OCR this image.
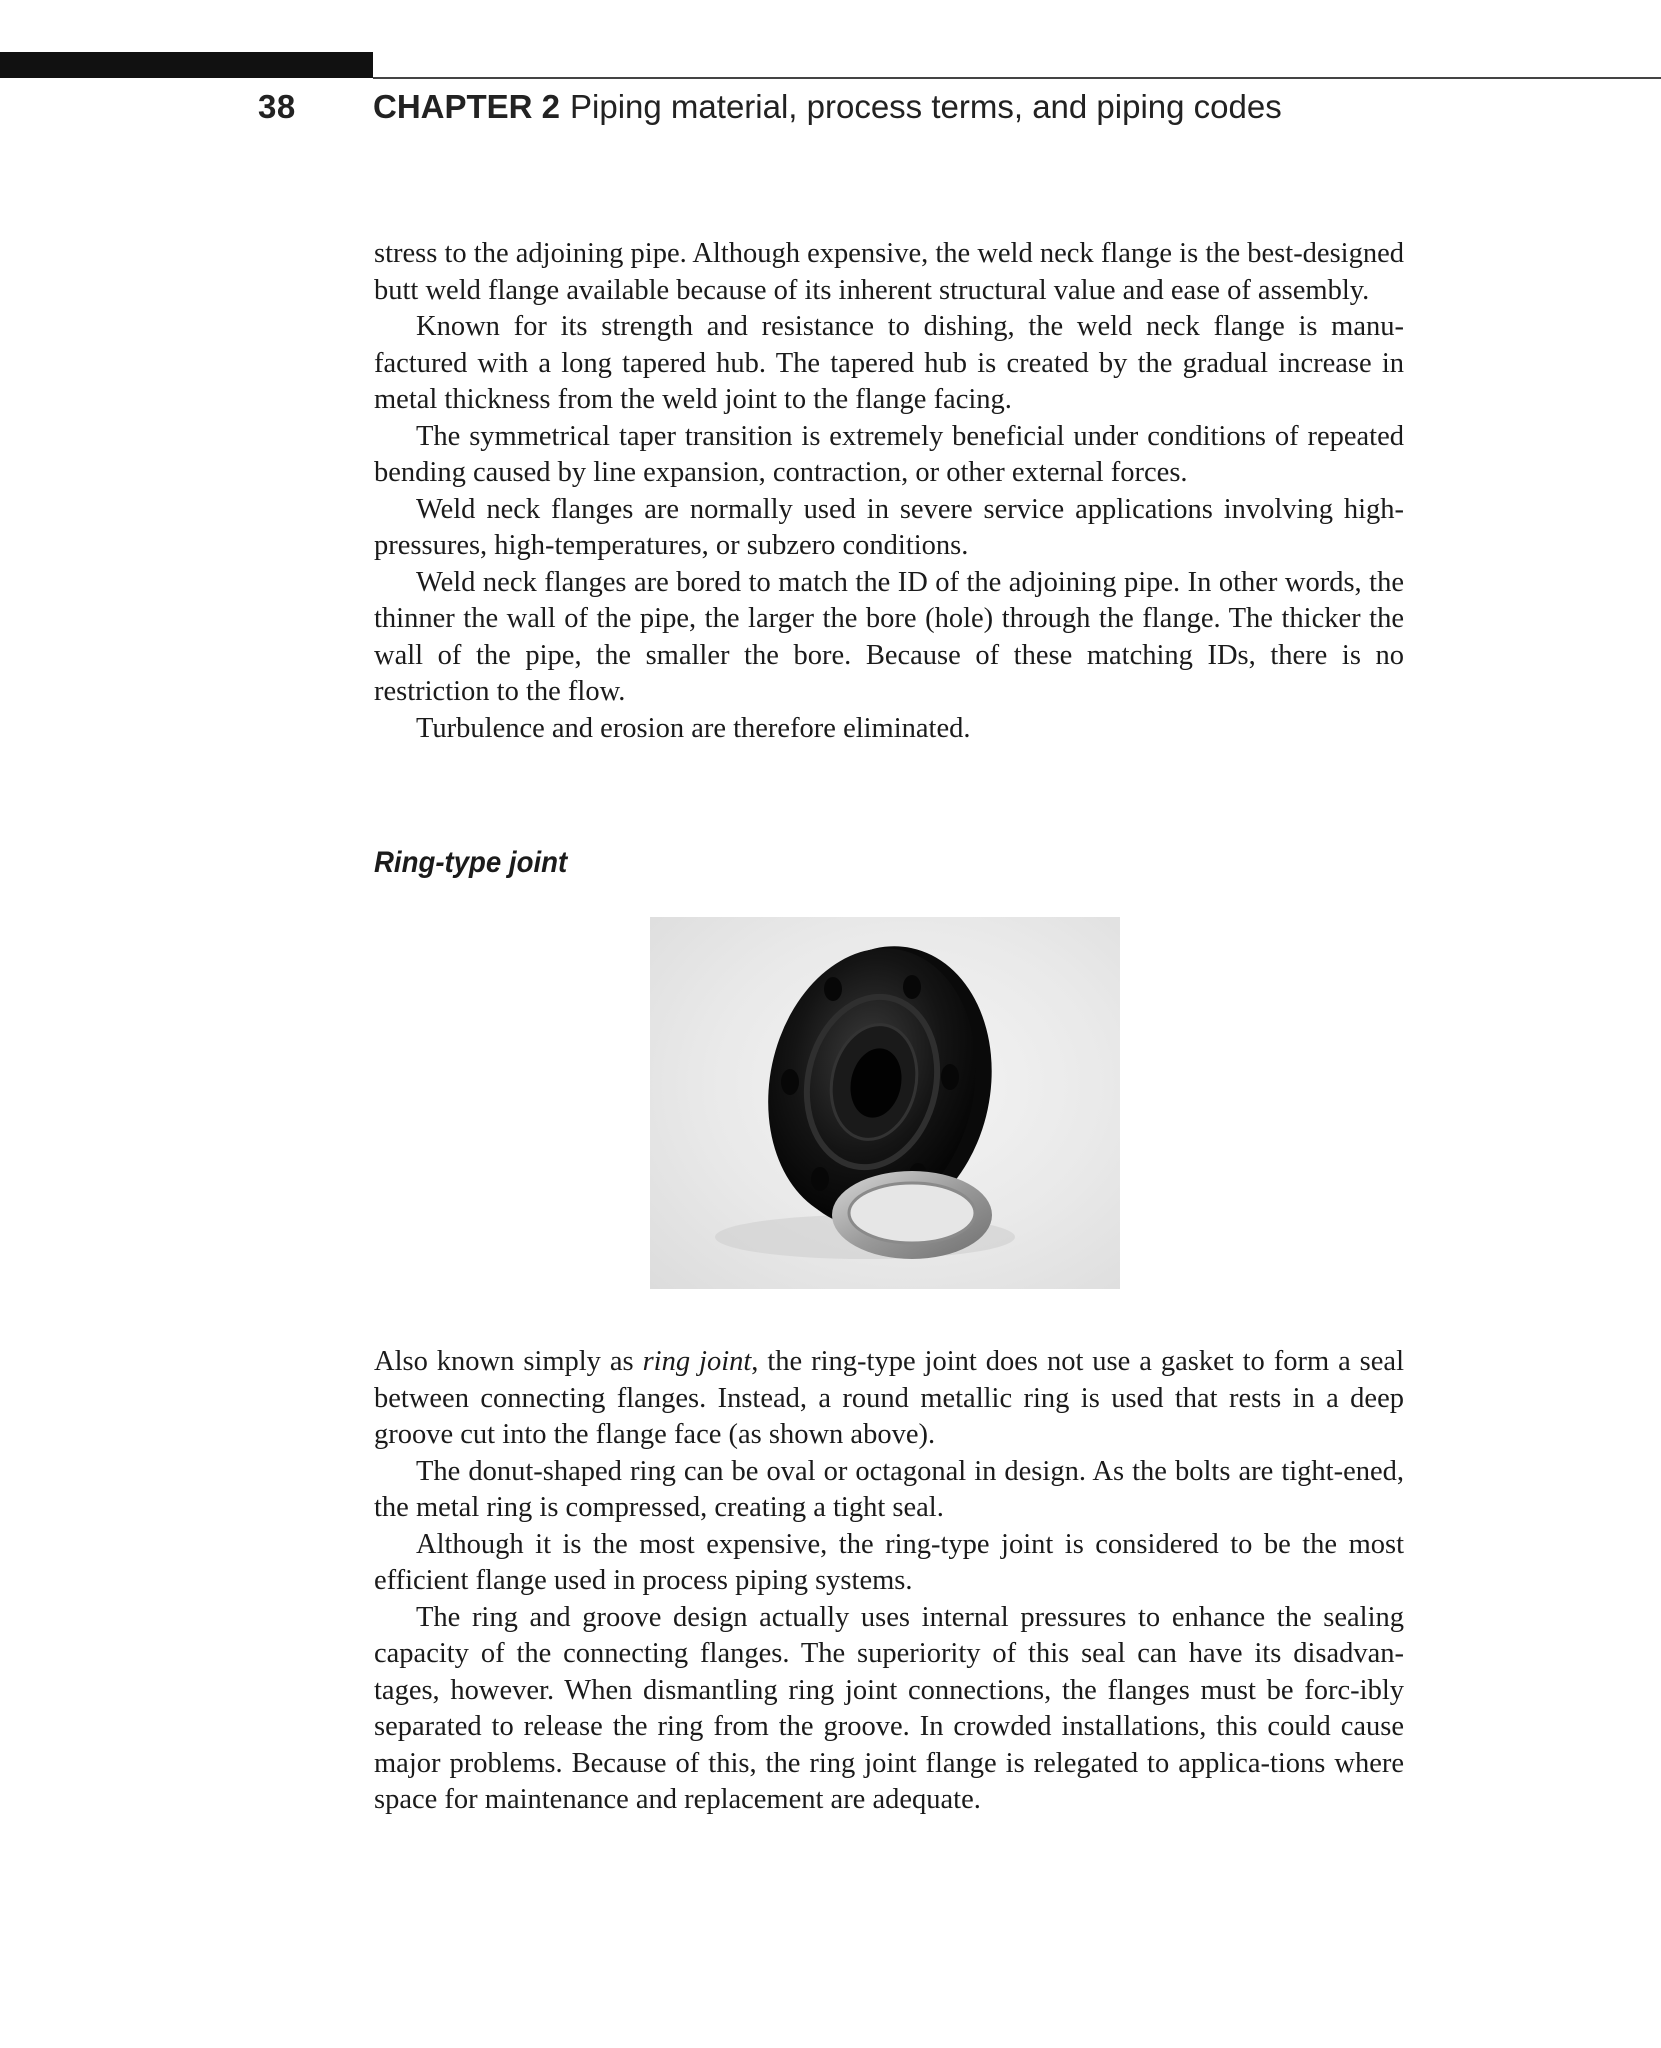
38 CHAPTER 2 Piping material, process terms, and piping codes

stress to the adjoining pipe. Although expensive, the weld neck flange is the best-designed butt weld flange available because of its inherent structural value and ease of assembly.

Known for its strength and resistance to dishing, the weld neck flange is manu-factured with a long tapered hub. The tapered hub is created by the gradual increase in metal thickness from the weld joint to the flange facing.

The symmetrical taper transition is extremely beneficial under conditions of repeated bending caused by line expansion, contraction, or other external forces.

Weld neck flanges are normally used in severe service applications involving high-pressures, high-temperatures, or subzero conditions.

Weld neck flanges are bored to match the ID of the adjoining pipe. In other words, the thinner the wall of the pipe, the larger the bore (hole) through the flange. The thicker the wall of the pipe, the smaller the bore. Because of these matching IDs, there is no restriction to the flow.

Turbulence and erosion are therefore eliminated.

Ring-type joint

Also known simply as ring joint, the ring-type joint does not use a gasket to form a seal between connecting flanges. Instead, a round metallic ring is used that rests in a deep groove cut into the flange face (as shown above).

The donut-shaped ring can be oval or octagonal in design. As the bolts are tight-ened, the metal ring is compressed, creating a tight seal.

Although it is the most expensive, the ring-type joint is considered to be the most efficient flange used in process piping systems.

The ring and groove design actually uses internal pressures to enhance the sealing capacity of the connecting flanges. The superiority of this seal can have its disadvan-tages, however. When dismantling ring joint connections, the flanges must be forc-ibly separated to release the ring from the groove. In crowded installations, this could cause major problems. Because of this, the ring joint flange is relegated to applica-tions where space for maintenance and replacement are adequate.
